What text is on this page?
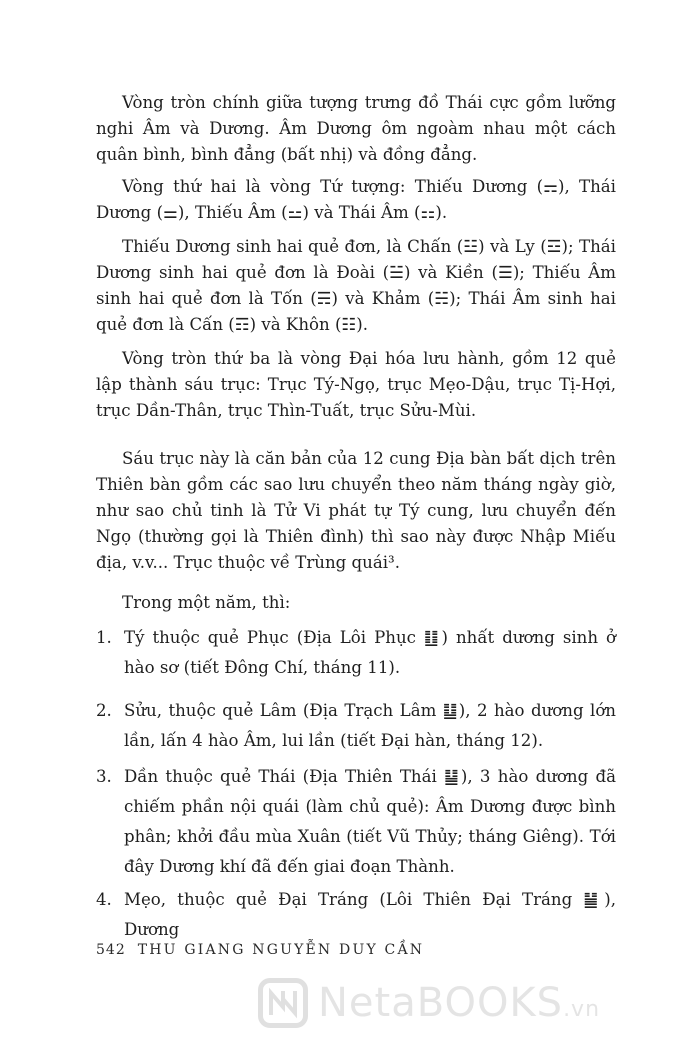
Vòng tròn chính giữa tượng trưng đồ Thái cực gồm lưỡng nghi Âm và Dương. Âm Dương ôm ngoàm nhau một cách quân bình, bình đẳng (bất nhị) và đồng đẳng.

Vòng thứ hai là vòng Tứ tượng: Thiếu Dương (⚎), Thái Dương (⚌), Thiếu Âm (⚍) và Thái Âm (⚏).

Thiếu Dương sinh hai quẻ đơn, là Chấn (☳) và Ly (☲); Thái Dương sinh hai quẻ đơn là Đoài (☱) và Kiền (☰); Thiếu Âm sinh hai quẻ đơn là Tốn (☴) và Khảm (☵); Thái Âm sinh hai quẻ đơn là Cấn (☶) và Khôn (☷).

Vòng tròn thứ ba là vòng Đại hóa lưu hành, gồm 12 quẻ lập thành sáu trục: Trục Tý-Ngọ, trục Mẹo-Dậu, trục Tị-Hợi, trục Dần-Thân, trục Thìn-Tuất, trục Sửu-Mùi.

Sáu trục này là căn bản của 12 cung Địa bàn bất dịch trên Thiên bàn gồm các sao lưu chuyển theo năm tháng ngày giờ, như sao chủ tinh là Tử Vi phát tự Tý cung, lưu chuyển đến Ngọ (thường gọi là Thiên đình) thì sao này được Nhập Miếu địa, v.v... Trục thuộc về Trùng quái³.

Trong một năm, thì:

1. Tý thuộc quẻ Phục (Địa Lôi Phục ䷗) nhất dương sinh ở hào sơ (tiết Đông Chí, tháng 11).
2. Sửu, thuộc quẻ Lâm (Địa Trạch Lâm ䷒), 2 hào dương lớn lần, lấn 4 hào Âm, lui lần (tiết Đại hàn, tháng 12).
3. Dần thuộc quẻ Thái (Địa Thiên Thái ䷊), 3 hào dương đã chiếm phần nội quái (làm chủ quẻ): Âm Dương được bình phân; khởi đầu mùa Xuân (tiết Vũ Thủy; tháng Giêng). Tới đây Dương khí đã đến giai đoạn Thành.
4. Mẹo, thuộc quẻ Đại Tráng (Lôi Thiên Đại Tráng ䷡), Dương
542 THU GIANG NGUYỄN DUY CẦN
NetaBOOKS.vn
